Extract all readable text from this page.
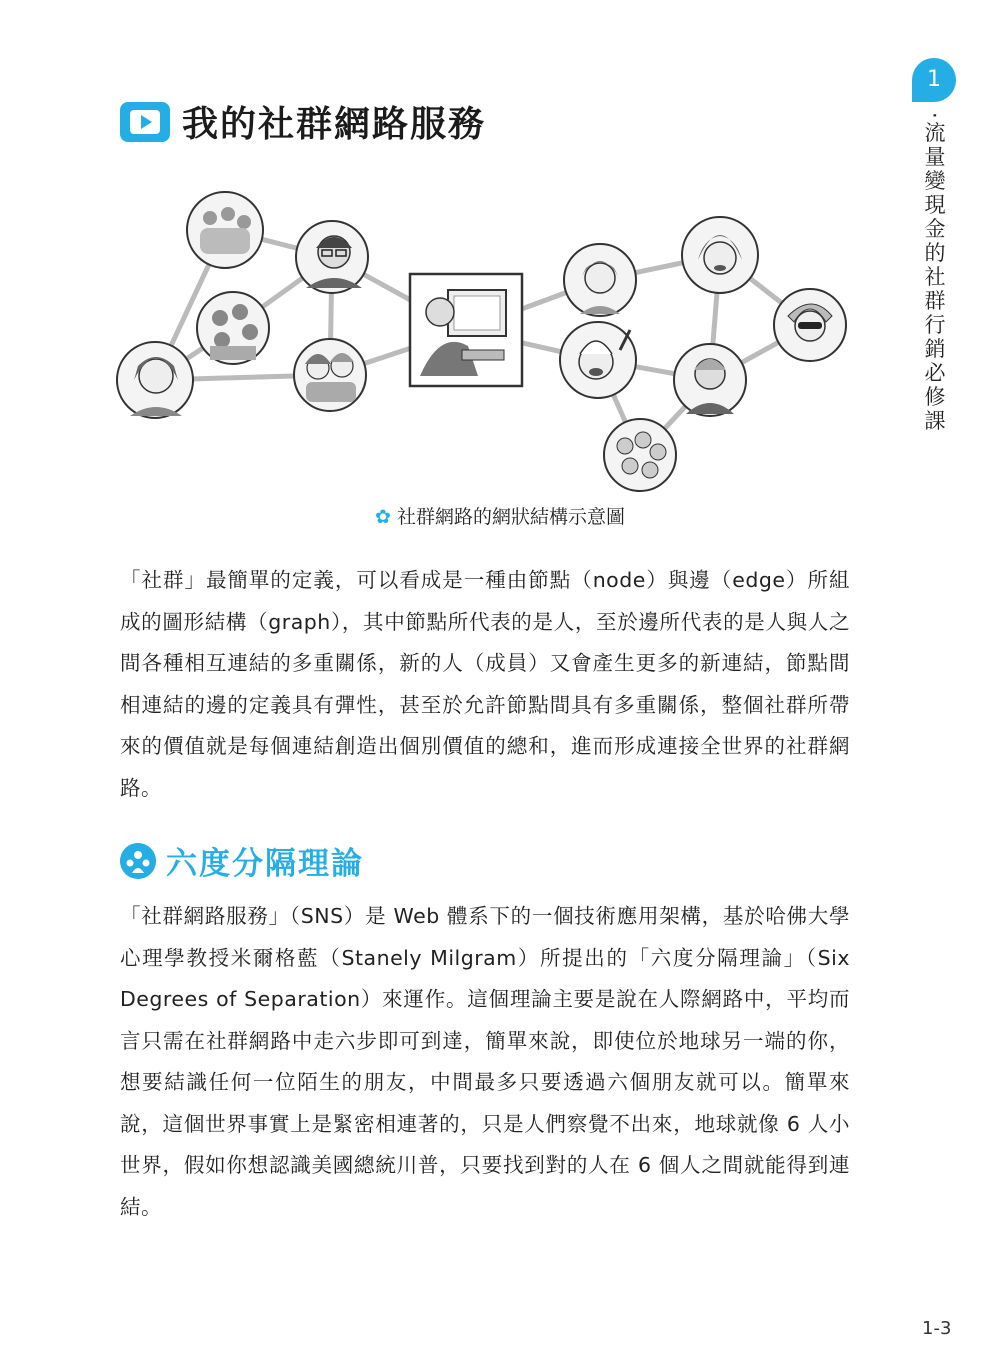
1
‧流量變現金的社群行銷必修課
我的社群網路服務
✿ 社群網路的網狀結構示意圖
「社群」最簡單的定義，可以看成是一種由節點（node）與邊（edge）所組成的圖形結構（graph），其中節點所代表的是人，至於邊所代表的是人與人之間各種相互連結的多重關係，新的人（成員）又會產生更多的新連結，節點間相連結的邊的定義具有彈性，甚至於允許節點間具有多重關係，整個社群所帶來的價值就是每個連結創造出個別價值的總和，進而形成連接全世界的社群網路。
六度分隔理論
「社群網路服務」（SNS）是 Web 體系下的一個技術應用架構，基於哈佛大學心理學教授米爾格藍（Stanely Milgram）所提出的「六度分隔理論」（Six Degrees of Separation）來運作。這個理論主要是說在人際網路中，平均而言只需在社群網路中走六步即可到達，簡單來說，即使位於地球另一端的你，想要結識任何一位陌生的朋友，中間最多只要透過六個朋友就可以。簡單來說，這個世界事實上是緊密相連著的，只是人們察覺不出來，地球就像 6 人小世界，假如你想認識美國總統川普，只要找到對的人在 6 個人之間就能得到連結。
1-3
